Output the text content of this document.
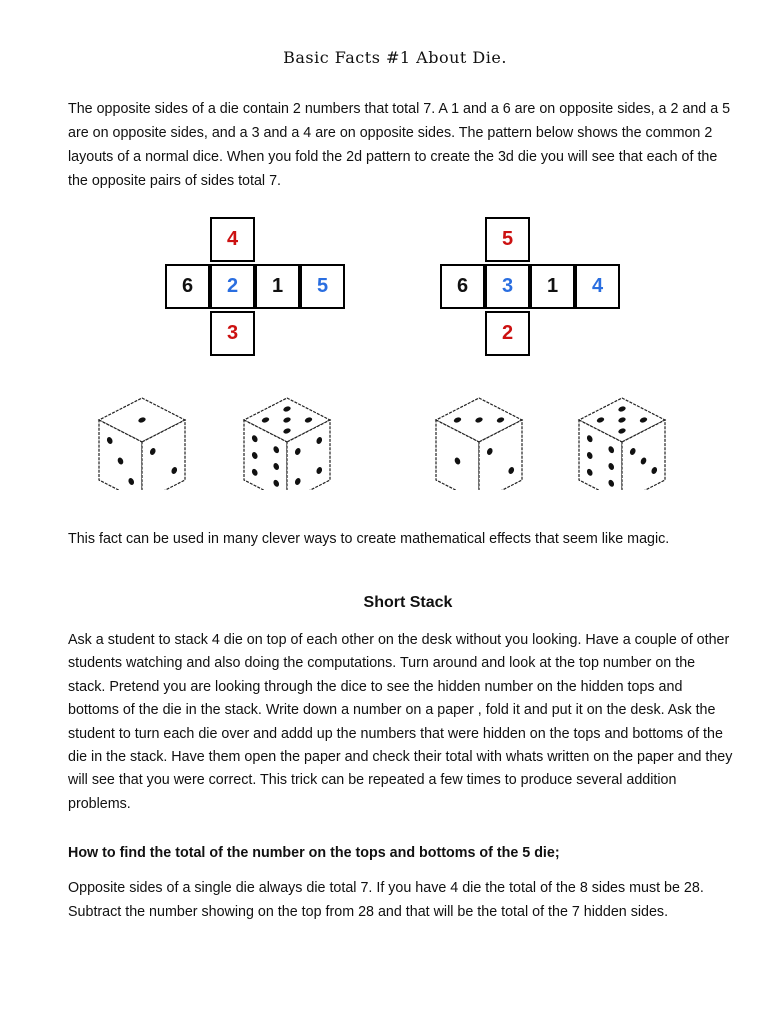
Basic Facts #1 About Die.

The opposite sides of a die contain 2 numbers that total 7. A 1 and a 6 are on opposite sides, a 2 and a 5 are on opposite sides, and a 3 and a 4 are on opposite sides. The pattern below shows the common 2 layouts of a normal dice. When you fold the 2d pattern to create the 3d die you will see that each of the the opposite pairs of sides total 7.

4
6	2	1	5
3
5
6	3	1	4
2

This fact can be used in many clever ways to create mathematical effects that seem like magic.

Short Stack

Ask a student to stack 4 die on top of each other on the desk without you looking. Have a couple of other students watching and also doing the computations. Turn around and look at the top number on the stack. Pretend you are looking through the dice to see the hidden number on the hidden tops and bottoms of the die in the stack. Write down a number on a paper , fold it and put it on the desk. Ask the student to turn each die over and addd up the numbers that were hidden on the tops and bottoms of the die in the stack. Have them open the paper and check their total with whats written on the paper and they will see that you were correct. This trick can be repeated a few times to produce several addition problems.

How to find the total of the number on the tops and bottoms of the 5 die;

Opposite sides of a single die always die total 7. If you have 4 die the total of the 8 sides must be 28. Subtract the number showing on the top from 28 and that will be the total of the 7 hidden sides.
